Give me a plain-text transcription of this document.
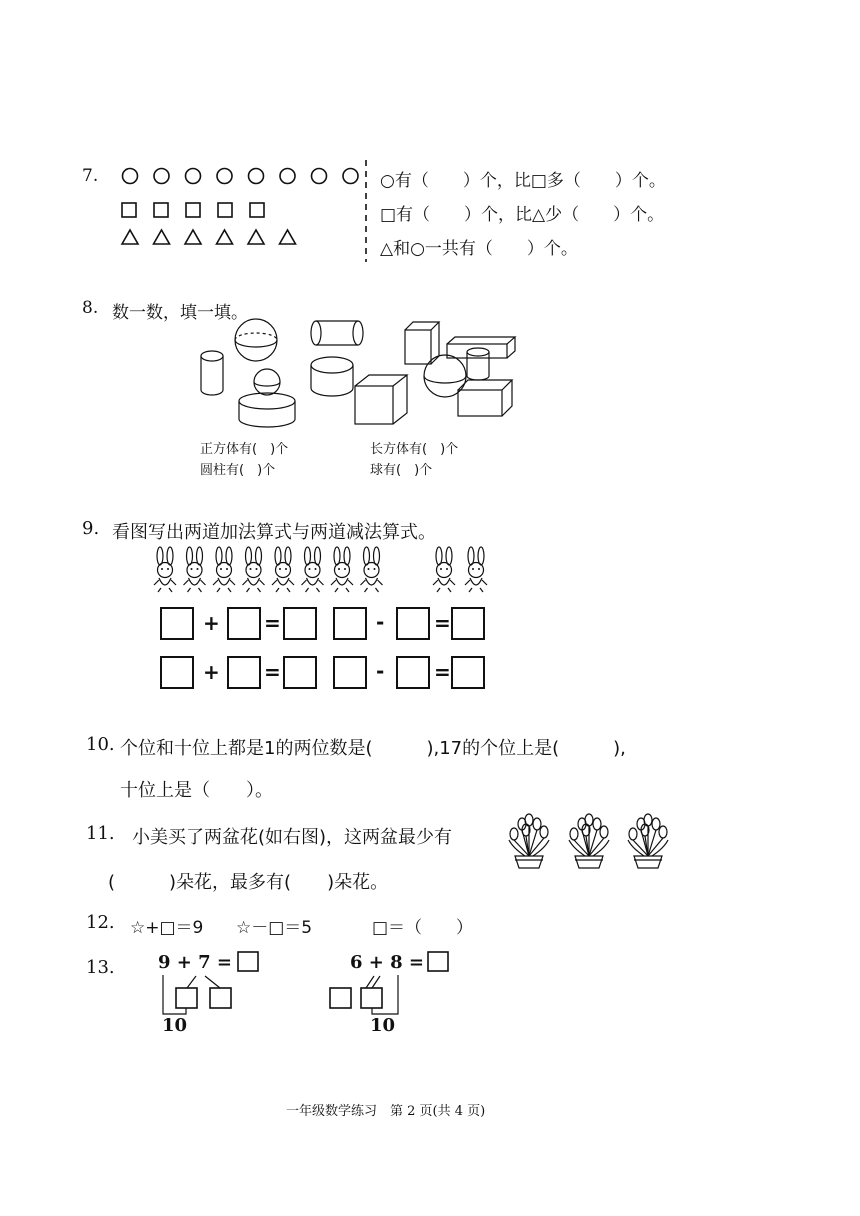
7.	○有（　　）个，比□多（　　）个。
□有（　　）个，比△少（　　）个。
△和○一共有（　　）个。
8. 数一数，填一填。
正方体有(　)个	长方体有(　)个
圆柱有(　)个	球有(　)个
9. 看图写出两道加法算式与两道减法算式。
+ =	- =
+ =	- =
10. 个位和十位上都是1的两位数是(　　　),17的个位上是(　　　),
十位上是（　　）。
11. 小美买了两盆花(如右图)，这两盆最少有
(　　　)朵花，最多有(　　)朵花。
12. ☆+□＝9 ☆－□＝5	□＝（　　）
13. 9 + 7 =	6 + 8 =
10	10
一年级数学练习　第 2 页(共 4 页)
